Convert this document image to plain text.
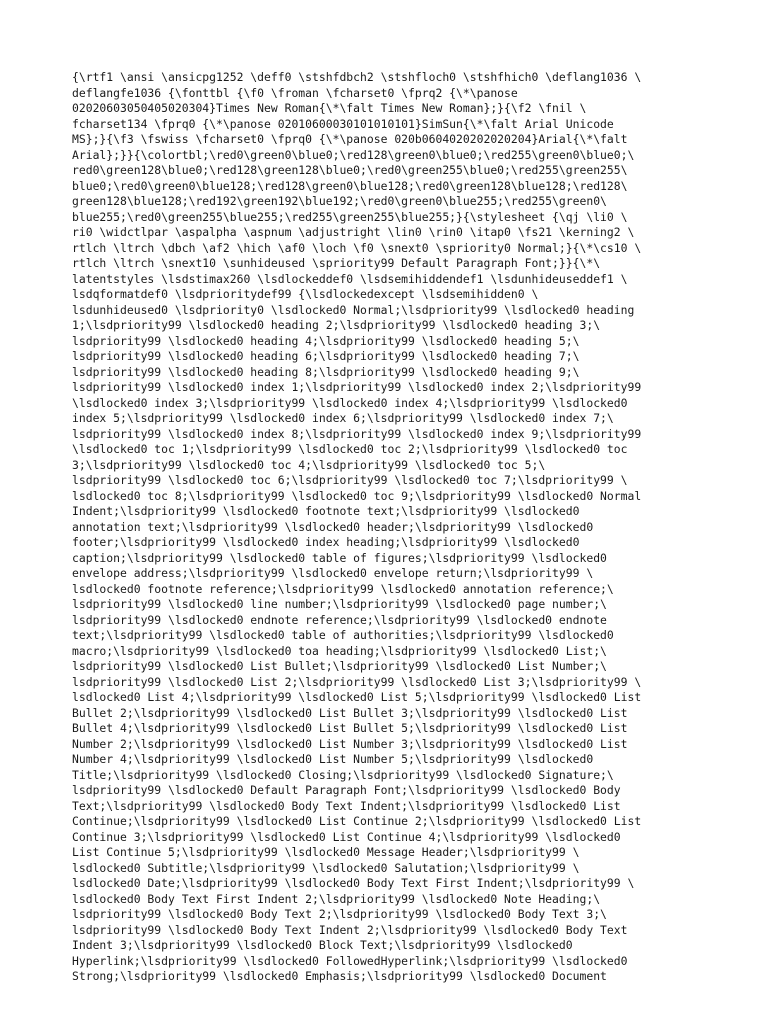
{\rtf1 \ansi \ansicpg1252 \deff0 \stshfdbch2 \stshfloch0 \stshfhich0 \deflang1036 \
deflangfe1036 {\fonttbl {\f0 \froman \fcharset0 \fprq2 {\*\panose
02020603050405020304}Times New Roman{\*\falt Times New Roman};}{\f2 \fnil \
fcharset134 \fprq0 {\*\panose 02010600030101010101}SimSun{\*\falt Arial Unicode
MS};}{\f3 \fswiss \fcharset0 \fprq0 {\*\panose 020b0604020202020204}Arial{\*\falt
Arial};}}{\colortbl;\red0\green0\blue0;\red128\green0\blue0;\red255\green0\blue0;\
red0\green128\blue0;\red128\green128\blue0;\red0\green255\blue0;\red255\green255\
blue0;\red0\green0\blue128;\red128\green0\blue128;\red0\green128\blue128;\red128\
green128\blue128;\red192\green192\blue192;\red0\green0\blue255;\red255\green0\
blue255;\red0\green255\blue255;\red255\green255\blue255;}{\stylesheet {\qj \li0 \
ri0 \widctlpar \aspalpha \aspnum \adjustright \lin0 \rin0 \itap0 \fs21 \kerning2 \
rtlch \ltrch \dbch \af2 \hich \af0 \loch \f0 \snext0 \spriority0 Normal;}{\*\cs10 \
rtlch \ltrch \snext10 \sunhideused \spriority99 Default Paragraph Font;}}{\*\
latentstyles \lsdstimax260 \lsdlockeddef0 \lsdsemihiddendef1 \lsdunhideuseddef1 \
lsdqformatdef0 \lsdprioritydef99 {\lsdlockedexcept \lsdsemihidden0 \
lsdunhideused0 \lsdpriority0 \lsdlocked0 Normal;\lsdpriority99 \lsdlocked0 heading
1;\lsdpriority99 \lsdlocked0 heading 2;\lsdpriority99 \lsdlocked0 heading 3;\
lsdpriority99 \lsdlocked0 heading 4;\lsdpriority99 \lsdlocked0 heading 5;\
lsdpriority99 \lsdlocked0 heading 6;\lsdpriority99 \lsdlocked0 heading 7;\
lsdpriority99 \lsdlocked0 heading 8;\lsdpriority99 \lsdlocked0 heading 9;\
lsdpriority99 \lsdlocked0 index 1;\lsdpriority99 \lsdlocked0 index 2;\lsdpriority99
\lsdlocked0 index 3;\lsdpriority99 \lsdlocked0 index 4;\lsdpriority99 \lsdlocked0
index 5;\lsdpriority99 \lsdlocked0 index 6;\lsdpriority99 \lsdlocked0 index 7;\
lsdpriority99 \lsdlocked0 index 8;\lsdpriority99 \lsdlocked0 index 9;\lsdpriority99
\lsdlocked0 toc 1;\lsdpriority99 \lsdlocked0 toc 2;\lsdpriority99 \lsdlocked0 toc
3;\lsdpriority99 \lsdlocked0 toc 4;\lsdpriority99 \lsdlocked0 toc 5;\
lsdpriority99 \lsdlocked0 toc 6;\lsdpriority99 \lsdlocked0 toc 7;\lsdpriority99 \
lsdlocked0 toc 8;\lsdpriority99 \lsdlocked0 toc 9;\lsdpriority99 \lsdlocked0 Normal
Indent;\lsdpriority99 \lsdlocked0 footnote text;\lsdpriority99 \lsdlocked0
annotation text;\lsdpriority99 \lsdlocked0 header;\lsdpriority99 \lsdlocked0
footer;\lsdpriority99 \lsdlocked0 index heading;\lsdpriority99 \lsdlocked0
caption;\lsdpriority99 \lsdlocked0 table of figures;\lsdpriority99 \lsdlocked0
envelope address;\lsdpriority99 \lsdlocked0 envelope return;\lsdpriority99 \
lsdlocked0 footnote reference;\lsdpriority99 \lsdlocked0 annotation reference;\
lsdpriority99 \lsdlocked0 line number;\lsdpriority99 \lsdlocked0 page number;\
lsdpriority99 \lsdlocked0 endnote reference;\lsdpriority99 \lsdlocked0 endnote
text;\lsdpriority99 \lsdlocked0 table of authorities;\lsdpriority99 \lsdlocked0
macro;\lsdpriority99 \lsdlocked0 toa heading;\lsdpriority99 \lsdlocked0 List;\
lsdpriority99 \lsdlocked0 List Bullet;\lsdpriority99 \lsdlocked0 List Number;\
lsdpriority99 \lsdlocked0 List 2;\lsdpriority99 \lsdlocked0 List 3;\lsdpriority99 \
lsdlocked0 List 4;\lsdpriority99 \lsdlocked0 List 5;\lsdpriority99 \lsdlocked0 List
Bullet 2;\lsdpriority99 \lsdlocked0 List Bullet 3;\lsdpriority99 \lsdlocked0 List
Bullet 4;\lsdpriority99 \lsdlocked0 List Bullet 5;\lsdpriority99 \lsdlocked0 List
Number 2;\lsdpriority99 \lsdlocked0 List Number 3;\lsdpriority99 \lsdlocked0 List
Number 4;\lsdpriority99 \lsdlocked0 List Number 5;\lsdpriority99 \lsdlocked0
Title;\lsdpriority99 \lsdlocked0 Closing;\lsdpriority99 \lsdlocked0 Signature;\
lsdpriority99 \lsdlocked0 Default Paragraph Font;\lsdpriority99 \lsdlocked0 Body
Text;\lsdpriority99 \lsdlocked0 Body Text Indent;\lsdpriority99 \lsdlocked0 List
Continue;\lsdpriority99 \lsdlocked0 List Continue 2;\lsdpriority99 \lsdlocked0 List
Continue 3;\lsdpriority99 \lsdlocked0 List Continue 4;\lsdpriority99 \lsdlocked0
List Continue 5;\lsdpriority99 \lsdlocked0 Message Header;\lsdpriority99 \
lsdlocked0 Subtitle;\lsdpriority99 \lsdlocked0 Salutation;\lsdpriority99 \
lsdlocked0 Date;\lsdpriority99 \lsdlocked0 Body Text First Indent;\lsdpriority99 \
lsdlocked0 Body Text First Indent 2;\lsdpriority99 \lsdlocked0 Note Heading;\
lsdpriority99 \lsdlocked0 Body Text 2;\lsdpriority99 \lsdlocked0 Body Text 3;\
lsdpriority99 \lsdlocked0 Body Text Indent 2;\lsdpriority99 \lsdlocked0 Body Text
Indent 3;\lsdpriority99 \lsdlocked0 Block Text;\lsdpriority99 \lsdlocked0
Hyperlink;\lsdpriority99 \lsdlocked0 FollowedHyperlink;\lsdpriority99 \lsdlocked0
Strong;\lsdpriority99 \lsdlocked0 Emphasis;\lsdpriority99 \lsdlocked0 Document
